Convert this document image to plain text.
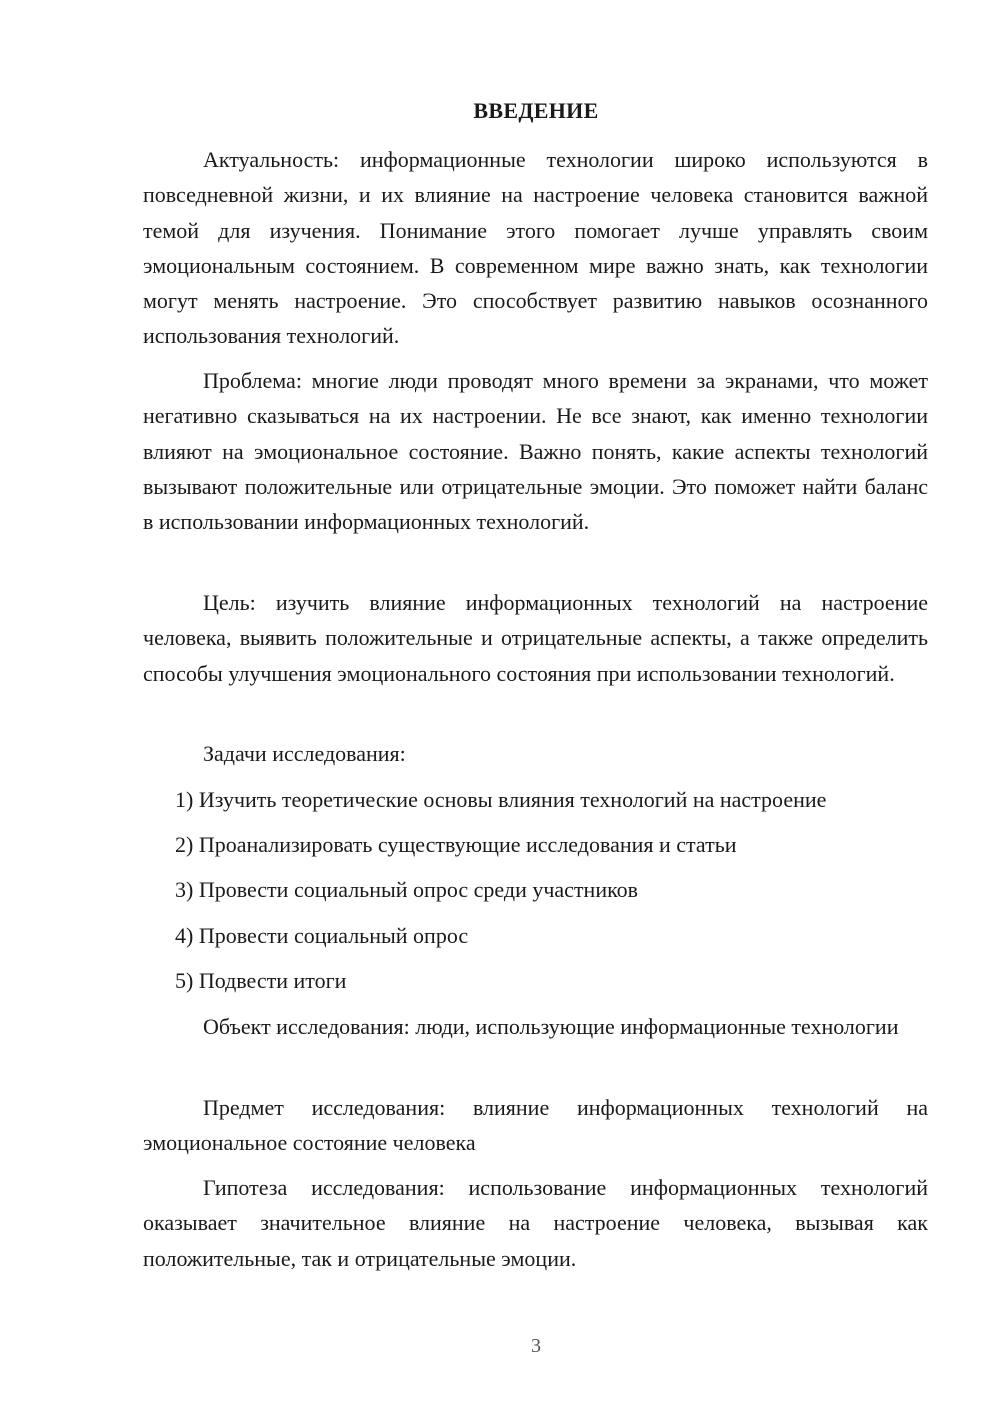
ВВЕДЕНИЕ

Актуальность: информационные технологии широко используются в повседневной жизни, и их влияние на настроение человека становится важной темой для изучения. Понимание этого помогает лучше управлять своим эмоциональным состоянием. В современном мире важно знать, как технологии могут менять настроение. Это способствует развитию навыков осознанного использования технологий.

Проблема: многие люди проводят много времени за экранами, что может негативно сказываться на их настроении. Не все знают, как именно технологии влияют на эмоциональное состояние. Важно понять, какие аспекты технологий вызывают положительные или отрицательные эмоции. Это поможет найти баланс в использовании информационных технологий.

Цель: изучить влияние информационных технологий на настроение человека, выявить положительные и отрицательные аспекты, а также определить способы улучшения эмоционального состояния при использовании технологий.

Задачи исследования:

1) Изучить теоретические основы влияния технологий на настроение

2) Проанализировать существующие исследования и статьи

3) Провести социальный опрос среди участников

4) Провести социальный опрос

5) Подвести итоги

Объект исследования: люди, использующие информационные технологии

Предмет исследования: влияние информационных технологий на эмоциональное состояние человека

Гипотеза исследования: использование информационных технологий оказывает значительное влияние на настроение человека, вызывая как положительные, так и отрицательные эмоции.

3
